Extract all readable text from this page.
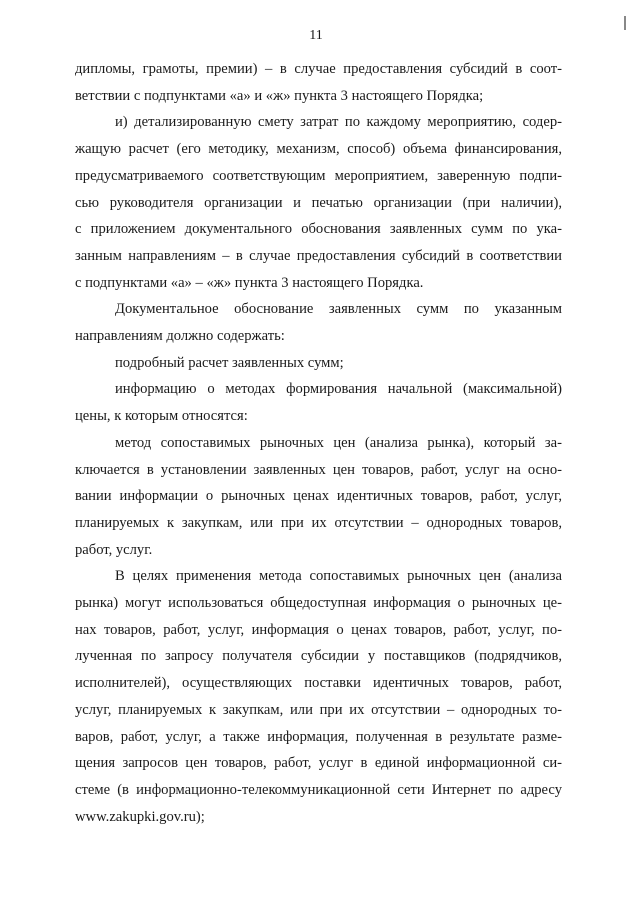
11

дипломы, грамоты, премии) – в случае предоставления субсидий в соот-

ветствии с подпунктами «а» и «ж» пункта 3 настоящего Порядка;

и) детализированную смету затрат по каждому мероприятию, содер-

жащую расчет (его методику, механизм, способ) объема финансирования,

предусматриваемого соответствующим мероприятием, заверенную подпи-

сью руководителя организации и печатью организации (при наличии),

с приложением документального обоснования заявленных сумм по ука-

занным направлениям – в случае предоставления субсидий в соответствии

с подпунктами «а» – «ж» пункта 3 настоящего Порядка.

Документальное обоснование заявленных сумм по указанным

направлениям должно содержать:

подробный расчет заявленных сумм;

информацию о методах формирования начальной (максимальной)

цены, к которым относятся:

метод сопоставимых рыночных цен (анализа рынка), который за-

ключается в установлении заявленных цен товаров, работ, услуг на осно-

вании информации о рыночных ценах идентичных товаров, работ, услуг,

планируемых к закупкам, или при их отсутствии – однородных товаров,

работ, услуг.

В целях применения метода сопоставимых рыночных цен (анализа

рынка) могут использоваться общедоступная информация о рыночных це-

нах товаров, работ, услуг, информация о ценах товаров, работ, услуг, по-

лученная по запросу получателя субсидии у поставщиков (подрядчиков,

исполнителей), осуществляющих поставки идентичных товаров, работ,

услуг, планируемых к закупкам, или при их отсутствии – однородных то-

варов, работ, услуг, а также информация, полученная в результате разме-

щения запросов цен товаров, работ, услуг в единой информационной си-

стеме (в информационно-телекоммуникационной сети Интернет по адресу

www.zakupki.gov.ru);
